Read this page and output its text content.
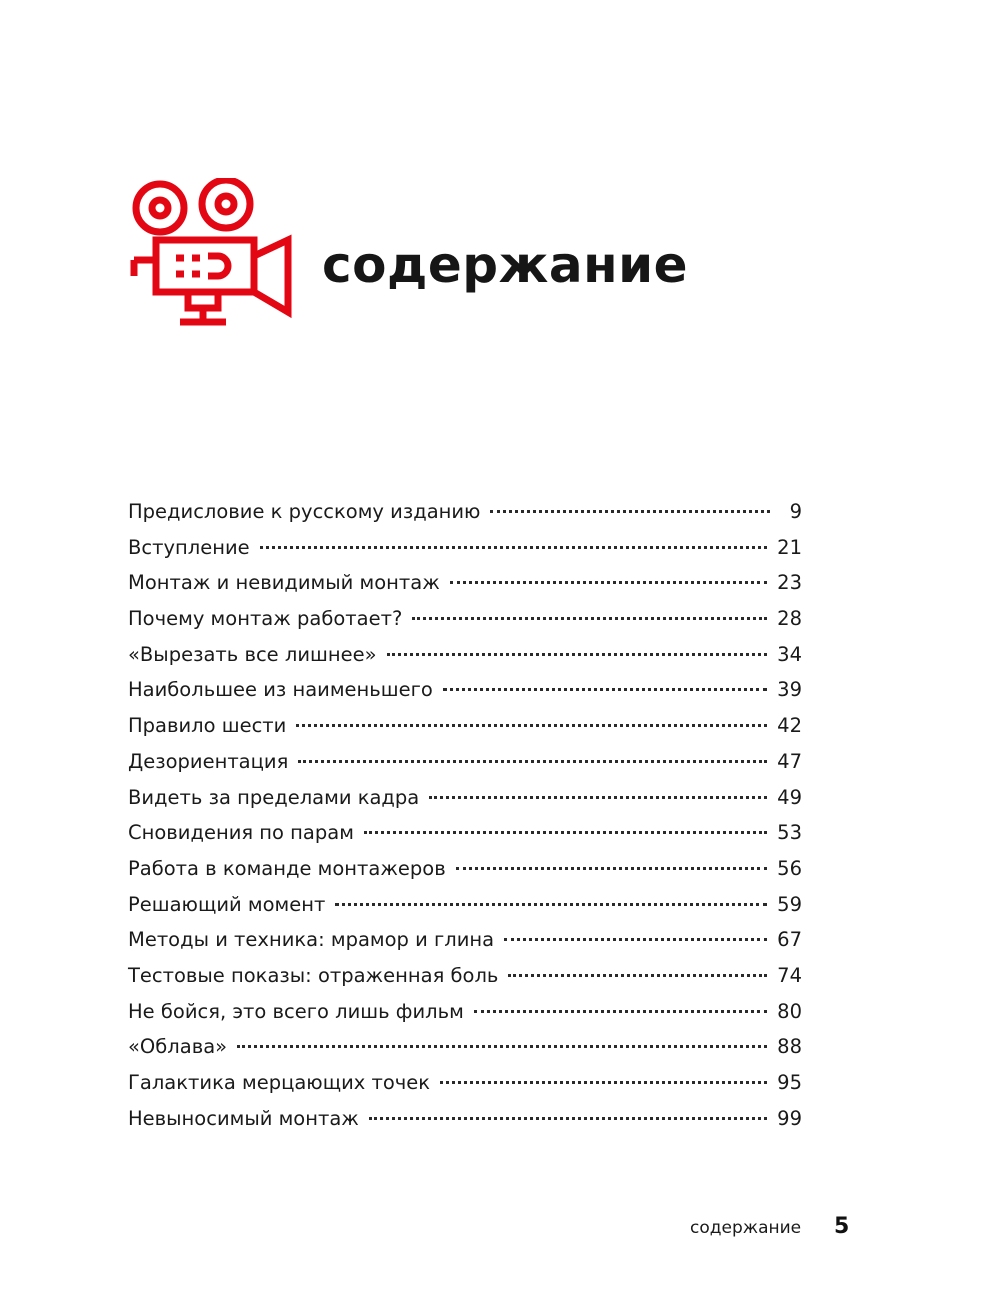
содержание
Предисловие к русскому изданию	9
Вступление	21
Монтаж и невидимый монтаж	23
Почему монтаж работает?	28
«Вырезать все лишнее»	34
Наибольшее из наименьшего	39
Правило шести	42
Дезориентация	47
Видеть за пределами кадра	49
Сновидения по парам	53
Работа в команде монтажеров	56
Решающий момент	59
Методы и техника: мрамор и глина	67
Тестовые показы: отраженная боль	74
Не бойся, это всего лишь фильм	80
«Облава»	88
Галактика мерцающих точек	95
Невыносимый монтаж	99
содержание 5
